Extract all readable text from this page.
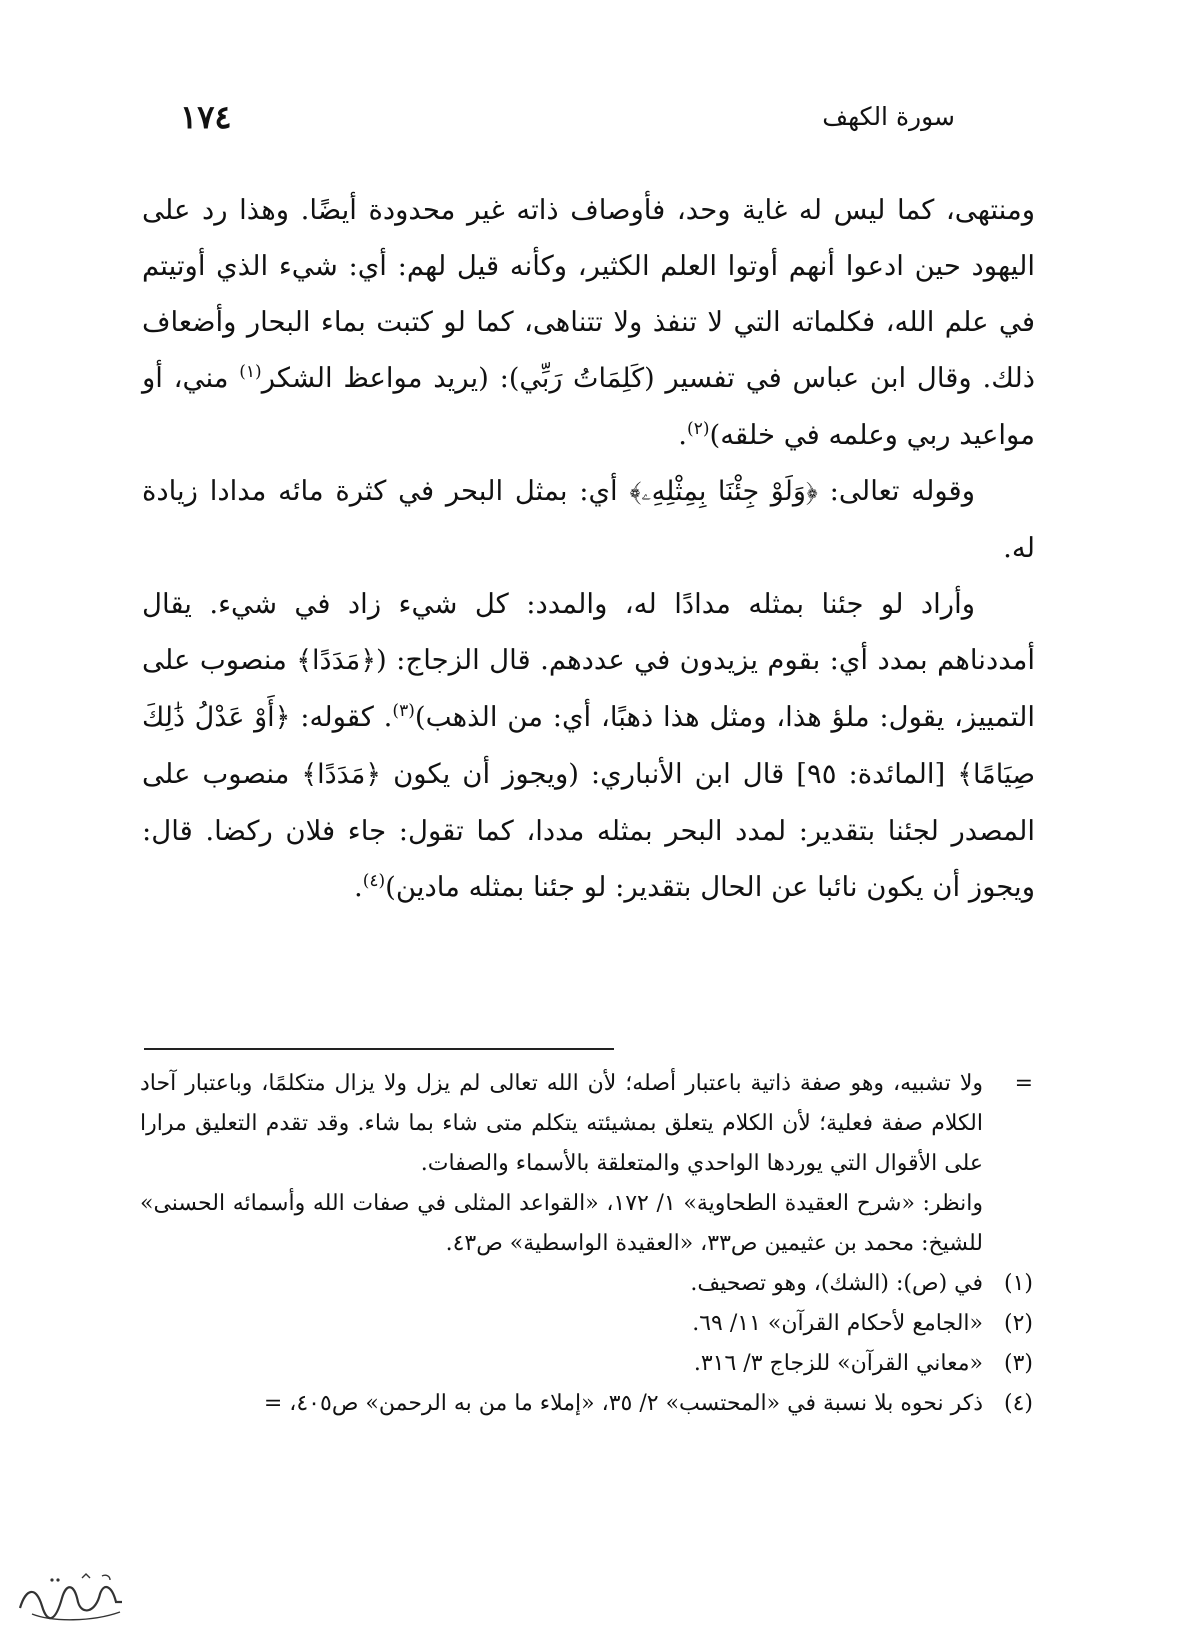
سورة الكهف
١٧٤

ومنتهى، كما ليس له غاية وحد، فأوصاف ذاته غير محدودة أيضًا. وهذا رد على اليهود حين ادعوا أنهم أوتوا العلم الكثير، وكأنه قيل لهم: أي: شيء الذي أوتيتم في علم الله، فكلماته التي لا تنفذ ولا تتناهى، كما لو كتبت بماء البحار وأضعاف ذلك. وقال ابن عباس في تفسير (كَلِمَاتُ رَبِّي): (يريد مواعظ الشكر$^{(١)}$ مني، أو مواعيد ربي وعلمه في خلقه)$^{(٢)}$.

وقوله تعالى: ﴿وَلَوْ جِئْنَا بِمِثْلِهِۦ﴾ أي: بمثل البحر في كثرة مائه مدادا زيادة له.

وأراد لو جئنا بمثله مدادًا له، والمدد: كل شيء زاد في شيء. يقال أمددناهم بمدد أي: بقوم يزيدون في عددهم. قال الزجاج: (﴿مَدَدًا﴾ منصوب على التمييز، يقول: ملؤ هذا، ومثل هذا ذهبًا، أي: من الذهب)$^{(٣)}$. كقوله: ﴿أَوْ عَدْلُ ذَٰلِكَ صِيَامًا﴾ [المائدة: ٩٥] قال ابن الأنباري: (ويجوز أن يكون ﴿مَدَدًا﴾ منصوب على المصدر لجئنا بتقدير: لمدد البحر بمثله مددا، كما تقول: جاء فلان ركضا. قال: ويجوز أن يكون نائبا عن الحال بتقدير: لو جئنا بمثله مادين)$^{(٤)}$.

=
ولا تشبيه، وهو صفة ذاتية باعتبار أصله؛ لأن الله تعالى لم يزل ولا يزال متكلمًا، وباعتبار آحاد الكلام صفة فعلية؛ لأن الكلام يتعلق بمشيئته يتكلم متى شاء بما شاء. وقد تقدم التعليق مرارا على الأقوال التي يوردها الواحدي والمتعلقة بالأسماء والصفات.

وانظر: «شرح العقيدة الطحاوية» ١/ ١٧٢، «القواعد المثلى في صفات الله وأسمائه الحسنى» للشيخ: محمد بن عثيمين ص٣٣، «العقيدة الواسطية» ص٤٣.

(١)
في (ص): (الشك)، وهو تصحيف.

(٢)
«الجامع لأحكام القرآن» ١١/ ٦٩.

(٣)
«معاني القرآن» للزجاج ٣/ ٣١٦.

(٤)
ذكر نحوه بلا نسبة في «المحتسب» ٢/ ٣٥، «إملاء ما من به الرحمن» ص٤٠٥، =
